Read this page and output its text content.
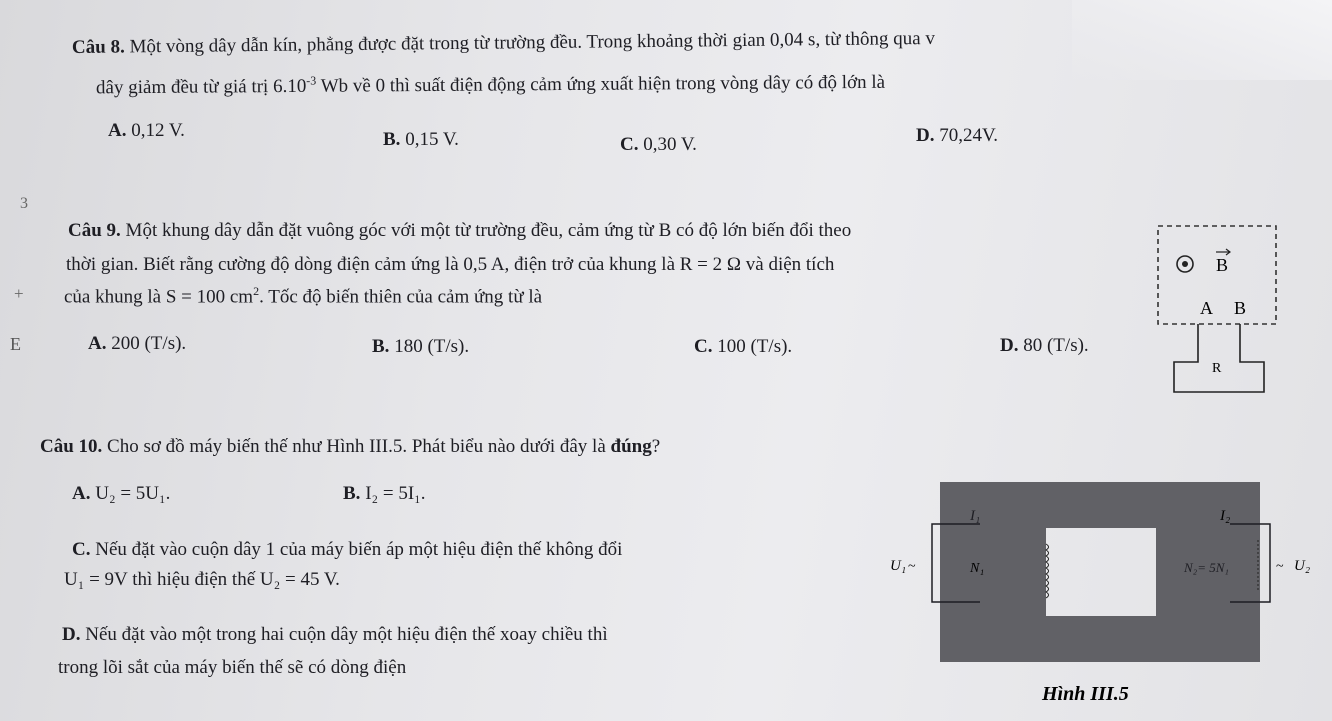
3
+
E
Câu 8. Một vòng dây dẫn kín, phẳng được đặt trong từ trường đều. Trong khoảng thời gian 0,04 s, từ thông qua v
dây giảm đều từ giá trị $6.10^{-3}$ Wb về 0 thì suất điện động cảm ứng xuất hiện trong vòng dây có độ lớn là
A. 0,12 V.	B. 0,15 V.	C. 0,30 V.	D. 70,24V.
Câu 9. Một khung dây dẫn đặt vuông góc với một từ trường đều, cảm ứng từ B có độ lớn biến đổi theo
thời gian. Biết rằng cường độ dòng điện cảm ứng là 0,5 A, điện trở của khung là R = 2 Ω và diện tích
của khung là S = 100 $cm^2$. Tốc độ biến thiên của cảm ứng từ là
A. 200 (T/s).	B. 180 (T/s).	C. 100 (T/s).	D. 80 (T/s).
B
A B
R
Câu 10. Cho sơ đồ máy biến thế như Hình III.5. Phát biểu nào dưới đây là đúng?
A. U₂ = 5U₁.	B. I₂ = 5I₁.
C. Nếu đặt vào cuộn dây 1 của máy biến áp một hiệu điện thế không đổi
U₁ = 9V thì hiệu điện thế U₂ = 45 V.
D. Nếu đặt vào một trong hai cuộn dây một hiệu điện thế xoay chiều thì
trong lõi sắt của máy biến thế sẽ có dòng điện
U₁ ~
I₁
N₁
I₂
N₂= 5N₁	~ U₂
Hình III.5
